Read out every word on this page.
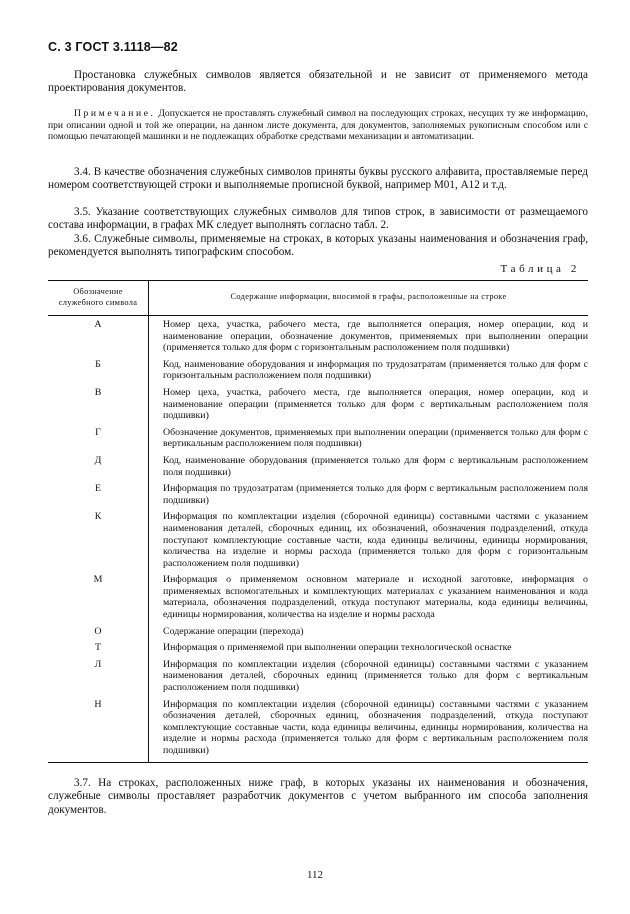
С. 3 ГОСТ 3.1118—82
Простановка служебных символов является обязательной и не зависит от применяемого метода проектирования документов.
Примечание. Допускается не проставлять служебный символ на последующих строках, несущих ту же информацию, при описании одной и той же операции, на данном листе документа, для документов, заполняемых рукописным способом или с помощью печатающей машинки и не подлежащих обработке средствами механизации и автоматизации.
3.4. В качестве обозначения служебных символов приняты буквы русского алфавита, проставляемые перед номером соответствующей строки и выполняемые прописной буквой, например М01, А12 и т.д.
3.5. Указание соответствующих служебных символов для типов строк, в зависимости от размещаемого состава информации, в графах МК следует выполнять согласно табл. 2.
3.6. Служебные символы, применяемые на строках, в которых указаны наименования и обозначения граф, рекомендуется выполнять типографским способом.
Таблица 2
Обозначение служебного символа	Содержание информации, вносимой в графы, расположенные на строке
А	Номер цеха, участка, рабочего места, где выполняется операция, номер операции, код и наименование операции, обозначение документов, применяемых при выполнении операции (применяется только для форм с горизонтальным расположением поля подшивки)
Б	Код, наименование оборудования и информация по трудозатратам (применяется только для форм с горизонтальным расположением поля подшивки)
В	Номер цеха, участка, рабочего места, где выполняется операция, номер операции, код и наименование операции (применяется только для форм с вертикальным расположением поля подшивки)
Г	Обозначение документов, применяемых при выполнении операции (применяется только для форм с вертикальным расположением поля подшивки)
Д	Код, наименование оборудования (применяется только для форм с вертикальным расположением поля подшивки)
Е	Информация по трудозатратам (применяется только для форм с вертикальным расположением поля подшивки)
К	Информация по комплектации изделия (сборочной единицы) составными частями с указанием наименования деталей, сборочных единиц, их обозначений, обозначения подразделений, откуда поступают комплектующие составные части, кода единицы величины, единицы нормирования, количества на изделие и нормы расхода (применяется только для форм с горизонтальным расположением поля подшивки)
М	Информация о применяемом основном материале и исходной заготовке, информация о применяемых вспомогательных и комплектующих материалах с указанием наименования и кода материала, обозначения подразделений, откуда поступают материалы, кода единицы величины, единицы нормирования, количества на изделие и нормы расхода
О	Содержание операции (перехода)
Т	Информация о применяемой при выполнении операции технологической оснастке
Л	Информация по комплектации изделия (сборочной единицы) составными частями с указанием наименования деталей, сборочных единиц (применяется только для форм с вертикальным расположением поля подшивки)
Н	Информация по комплектации изделия (сборочной единицы) составными частями с указанием обозначения деталей, сборочных единиц, обозначения подразделений, откуда поступают комплектующие составные части, кода единицы величины, единицы нормирования, количества на изделие и нормы расхода (применяется только для форм с вертикальным расположением поля подшивки)
3.7. На строках, расположенных ниже граф, в которых указаны их наименования и обозначения, служебные символы проставляет разработчик документов с учетом выбранного им способа заполнения документов.
112
